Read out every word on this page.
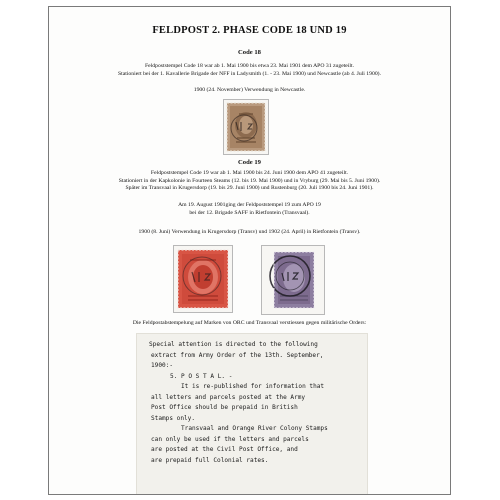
FELDPOST 2. PHASE CODE 18 UND 19
Code 18
Feldpoststempel Code 18 war ab 1. Mai 1900 bis etwa 23. Mai 1901 dem APO 31 zugeteilt.
Stationiert bei der 1. Kavallerie Brigade der NFF in Ladysmith (1. - 23. Mai 1900) und Newcastle (ab 4. Juli 1900).
1900 (24. November) Verwendung in Newcastle.
Code 19
Feldpoststempel Code 19 war ab 1. Mai 1900 bis 24. Juni 1900 dem APO 41 zugeteilt.
Stationiert in der Kapkolonie in Fourteen Steams (12. bis 19. Mai 1900) und in Vryburg (29. Mai bis 5. Juni 1900).
Später im Transvaal in Krugersdorp (19. bis 29. Juni 1900) und Rustenburg (20. Juli 1900 bis 24. Juni 1901).
Am 19. August 1901ging der Feldpoststempel 19 zum APO 19
bei der 12. Brigade SAFF in Rietfontein (Transvaal).
1900 (8. Juni) Verwendung in Krugersdorp (Transv) und 1902 (24. April) in Rietfontein (Transv).
Die Feldpostabstempelung auf Marken von ORC und Transvaal verstiessen gegen militärische Orders:
Special attention is directed to the following
extract from Army Order of the 13th. September,
1900:-
5. P O S T A L. -
It is re-published for information that
all letters and parcels posted at the Army
Post Office should be prepaid in British
Stamps only.
Transvaal and Orange River Colony Stamps
can only be used if the letters and parcels
are posted at the Civil Post Office, and
are prepaid full Colonial rates.
